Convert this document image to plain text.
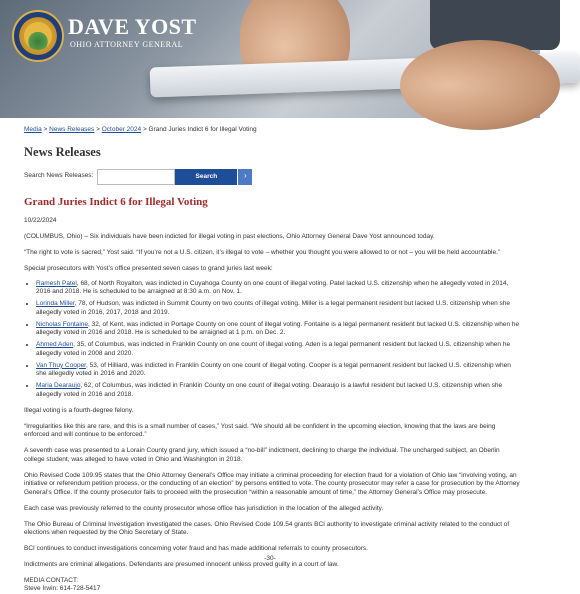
DAVE YOST
OHIO ATTORNEY GENERAL
Media > News Releases > October 2024 > Grand Juries Indict 6 for Illegal Voting
News Releases
Search News Releases:	Search	›
Grand Juries Indict 6 for Illegal Voting

10/22/2024

(COLUMBUS, Ohio) – Six individuals have been indicted for illegal voting in past elections, Ohio Attorney General Dave Yost announced today.

“The right to vote is sacred,” Yost said. “If you’re not a U.S. citizen, it’s illegal to vote – whether you thought you were allowed to or not – you will be held accountable.”

Special prosecutors with Yost’s office presented seven cases to grand juries last week:

• Ramesh Patel, 68, of North Royalton, was indicted in Cuyahoga County on one count of illegal voting. Patel lacked U.S. citizenship when he allegedly voted in 2014, 2016 and 2018. He is scheduled to be arraigned at 8:30 a.m. on Nov. 1.
• Lorinda Miller, 78, of Hudson, was indicted in Summit County on two counts of illegal voting. Miller is a legal permanent resident but lacked U.S. citizenship when she allegedly voted in 2016, 2017, 2018 and 2019.
• Nicholas Fontaine, 32, of Kent, was indicted in Portage County on one count of illegal voting. Fontaine is a legal permanent resident but lacked U.S. citizenship when he allegedly voted in 2016 and 2018. He is scheduled to be arraigned at 1 p.m. on Dec. 2.
• Ahmed Aden, 35, of Columbus, was indicted in Franklin County on one count of illegal voting. Aden is a legal permanent resident but lacked U.S. citizenship when he allegedly voted in 2008 and 2020.
• Van Thuy Cooper, 53, of Hilliard, was indicted in Franklin County on one count of illegal voting. Cooper is a legal permanent resident but lacked U.S. citizenship when she allegedly voted in 2016 and 2020.
• Maria Dearaujo, 62, of Columbus, was indicted in Franklin County on one count of illegal voting. Dearaujo is a lawful resident but lacked U.S. citizenship when she allegedly voted in 2016 and 2018.

Illegal voting is a fourth-degree felony.

“Irregularities like this are rare, and this is a small number of cases,” Yost said. “We should all be confident in the upcoming election, knowing that the laws are being enforced and will continue to be enforced.”

A seventh case was presented to a Lorain County grand jury, which issued a “no-bill” indictment, declining to charge the individual. The uncharged subject, an Oberlin college student, was alleged to have voted in Ohio and Washington in 2018.

Ohio Revised Code 109.95 states that the Ohio Attorney General’s Office may initiate a criminal proceeding for election fraud for a violation of Ohio law “involving voting, an initiative or referendum petition process, or the conducting of an election” by persons entitled to vote. The county prosecutor may refer a case for prosecution by the Attorney General’s Office. If the county prosecutor fails to proceed with the prosecution “within a reasonable amount of time,” the Attorney General’s Office may prosecute.

Each case was previously referred to the county prosecutor whose office has jurisdiction in the location of the alleged activity.

The Ohio Bureau of Criminal Investigation investigated the cases. Ohio Revised Code 109.54 grants BCI authority to investigate criminal activity related to the conduct of elections when requested by the Ohio Secretary of State.

BCI continues to conduct investigations concerning voter fraud and has made additional referrals to county prosecutors.

Indictments are criminal allegations. Defendants are presumed innocent unless proved guilty in a court of law.

MEDIA CONTACT:
Steve Irwin: 614-728-5417
-30-
